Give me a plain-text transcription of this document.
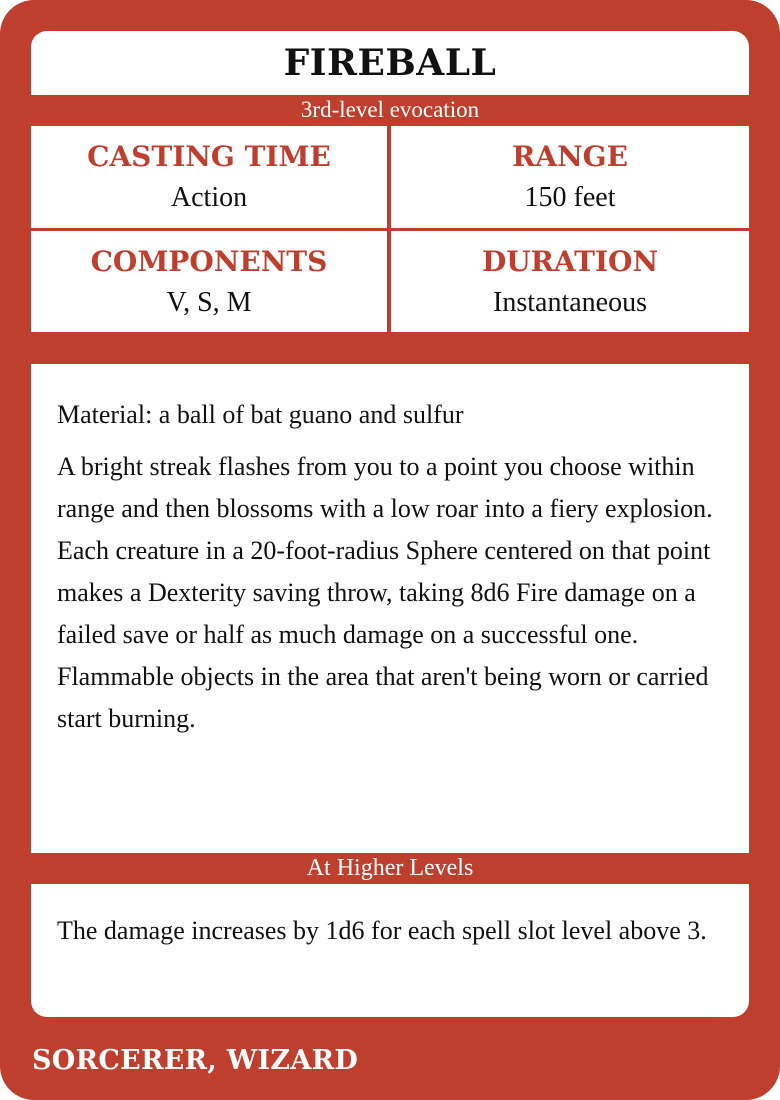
FIREBALL
3rd-level evocation
CASTING TIME
Action
RANGE
150 feet
COMPONENTS
V, S, M
DURATION
Instantaneous

Material: a ball of bat guano and sulfur

A bright streak flashes from you to a point you choose within range and then blossoms with a low roar into a fiery explosion. Each creature in a 20-foot-radius Sphere centered on that point makes a Dexterity saving throw, taking 8d6 Fire damage on a failed save or half as much damage on a successful one. Flammable objects in the area that aren't being worn or carried start burning.

At Higher Levels

The damage increases by 1d6 for each spell slot level above 3.

SORCERER, WIZARD
